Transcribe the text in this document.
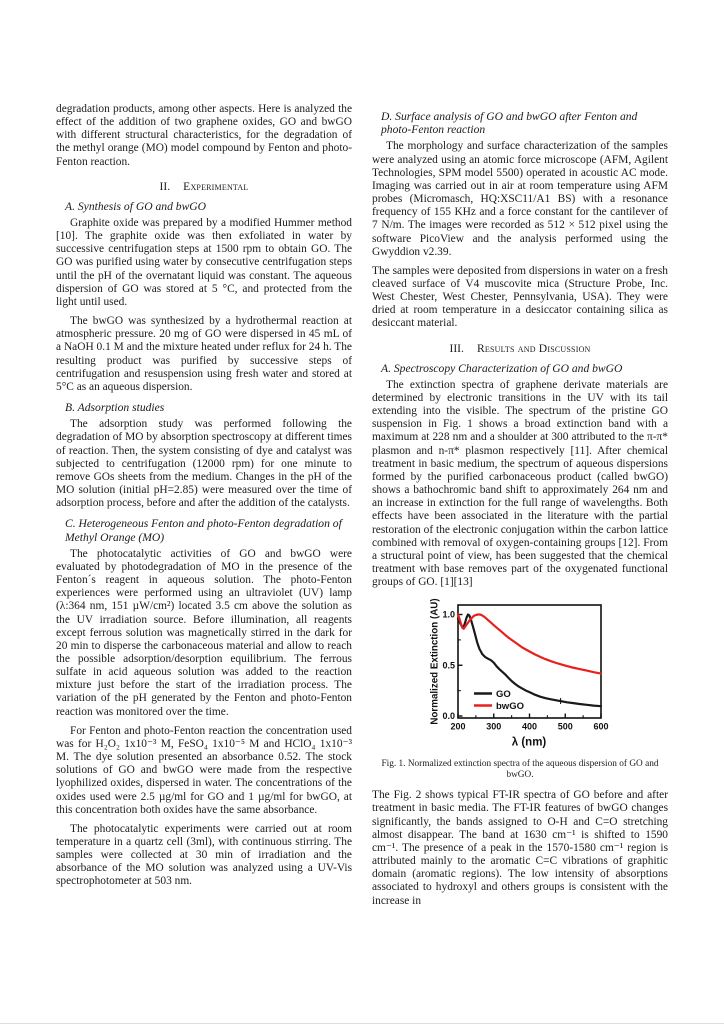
degradation products, among other aspects. Here is analyzed the effect of the addition of two graphene oxides, GO and bwGO with different structural characteristics, for the degradation of the methyl orange (MO) model compound by Fenton and photo-Fenton reaction.

II. Experimental
A. Synthesis of GO and bwGO

Graphite oxide was prepared by a modified Hummer method [10]. The graphite oxide was then exfoliated in water by successive centrifugation steps at 1500 rpm to obtain GO. The GO was purified using water by consecutive centrifugation steps until the pH of the overnatant liquid was constant. The aqueous dispersion of GO was stored at 5 °C, and protected from the light until used.

The bwGO was synthesized by a hydrothermal reaction at atmospheric pressure. 20 mg of GO were dispersed in 45 mL of a NaOH 0.1 M and the mixture heated under reflux for 24 h. The resulting product was purified by successive steps of centrifugation and resuspension using fresh water and stored at 5°C as an aqueous dispersion.

B. Adsorption studies

The adsorption study was performed following the degradation of MO by absorption spectroscopy at different times of reaction. Then, the system consisting of dye and catalyst was subjected to centrifugation (12000 rpm) for one minute to remove GOs sheets from the medium. Changes in the pH of the MO solution (initial pH=2.85) were measured over the time of adsorption process, before and after the addition of the catalysts.

C. Heterogeneous Fenton and photo-Fenton degradation of Methyl Orange (MO)

The photocatalytic activities of GO and bwGO were evaluated by photodegradation of MO in the presence of the Fenton´s reagent in aqueous solution. The photo-Fenton experiences were performed using an ultraviolet (UV) lamp (λ:364 nm, 151 µW/cm²) located 3.5 cm above the solution as the UV irradiation source. Before illumination, all reagents except ferrous solution was magnetically stirred in the dark for 20 min to disperse the carbonaceous material and allow to reach the possible adsorption/desorption equilibrium. The ferrous sulfate in acid aqueous solution was added to the reaction mixture just before the start of the irradiation process. The variation of the pH generated by the Fenton and photo-Fenton reaction was monitored over the time.

For Fenton and photo-Fenton reaction the concentration used was for H₂O₂ 1x10⁻³ M, FeSO₄ 1x10⁻⁵ M and HClO₄ 1x10⁻³ M. The dye solution presented an absorbance 0.52. The stock solutions of GO and bwGO were made from the respective lyophilized oxides, dispersed in water. The concentrations of the oxides used were 2.5 µg/ml for GO and 1 µg/ml for bwGO, at this concentration both oxides have the same absorbance.

The photocatalytic experiments were carried out at room temperature in a quartz cell (3ml), with continuous stirring. The samples were collected at 30 min of irradiation and the absorbance of the MO solution was analyzed using a UV-Vis spectrophotometer at 503 nm.

D. Surface analysis of GO and bwGO after Fenton and photo-Fenton reaction

The morphology and surface characterization of the samples were analyzed using an atomic force microscope (AFM, Agilent Technologies, SPM model 5500) operated in acoustic AC mode. Imaging was carried out in air at room temperature using AFM probes (Micromasch, HQ:XSC11/A1 BS) with a resonance frequency of 155 KHz and a force constant for the cantilever of 7 N/m. The images were recorded as 512 × 512 pixel using the software PicoView and the analysis performed using the Gwyddion v2.39.

The samples were deposited from dispersions in water on a fresh cleaved surface of V4 muscovite mica (Structure Probe, Inc. West Chester, West Chester, Pennsylvania, USA). They were dried at room temperature in a desiccator containing silica as desiccant material.

III. Results and Discussion
A. Spectroscopy Characterization of GO and bwGO

The extinction spectra of graphene derivate materials are determined by electronic transitions in the UV with its tail extending into the visible. The spectrum of the pristine GO suspension in Fig. 1 shows a broad extinction band with a maximum at 228 nm and a shoulder at 300 attributed to the π-π* plasmon and n-π* plasmon respectively [11]. After chemical treatment in basic medium, the spectrum of aqueous dispersions formed by the purified carbonaceous product (called bwGO) shows a bathochromic band shift to approximately 264 nm and an increase in extinction for the full range of wavelengths. Both effects have been associated in the literature with the partial restoration of the electronic conjugation within the carbon lattice combined with removal of oxygen-containing groups [12]. From a structural point of view, has been suggested that the chemical treatment with base removes part of the oxygenated functional groups of GO. [1][13]

λ (nm)
Normalized Extinction (AU)
200 300 400 500 600
0.0
0.5
1.0
GO
bwGO
Fig. 1. Normalized extinction spectra of the aqueous dispersion of GO and bwGO.

The Fig. 2 shows typical FT-IR spectra of GO before and after treatment in basic media. The FT-IR features of bwGO changes significantly, the bands assigned to O-H and C=O stretching almost disappear. The band at 1630 cm⁻¹ is shifted to 1590 cm⁻¹. The presence of a peak in the 1570-1580 cm⁻¹ region is attributed mainly to the aromatic C=C vibrations of graphitic domain (aromatic regions). The low intensity of absorptions associated to hydroxyl and others groups is consistent with the increase in
